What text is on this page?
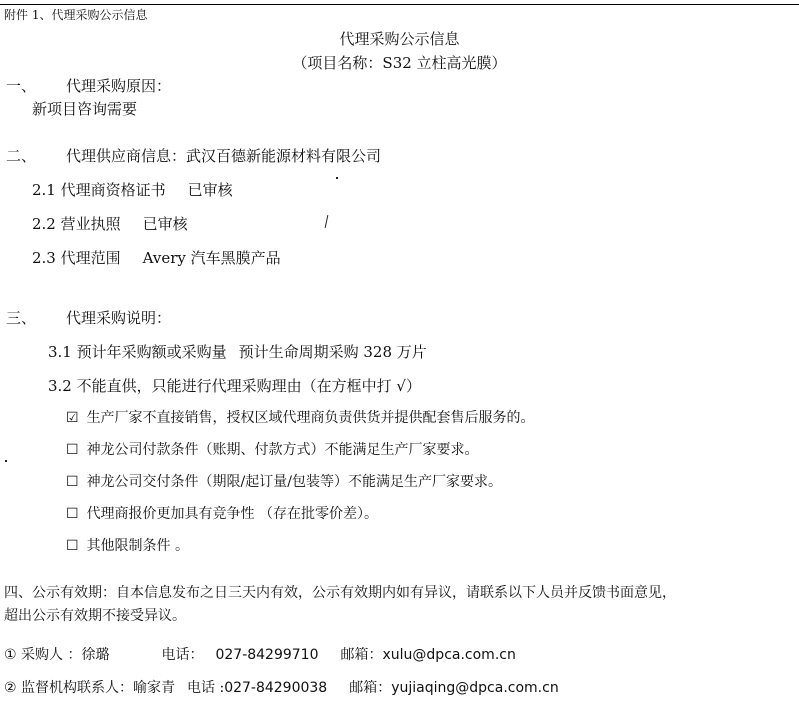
附件 1、代理采购公示信息
代理采购公示信息
（项目名称：S32 立柱高光膜）
一、 代理采购原因：
新项目咨询需要
二、 代理供应商信息：武汉百德新能源材料有限公司
2.1 代理商资格证书 已审核
2.2 营业执照 已审核
2.3 代理范围 Avery 汽车黑膜产品
三、 代理采购说明：
3.1 预计年采购额或采购量 预计生命周期采购 328 万片
3.2 不能直供，只能进行代理采购理由（在方框中打 √）
☑ 生产厂家不直接销售，授权区域代理商负责供货并提供配套售后服务的。
☐ 神龙公司付款条件（账期、付款方式）不能满足生产厂家要求。
☐ 神龙公司交付条件（期限/起订量/包装等）不能满足生产厂家要求。
☐ 代理商报价更加具有竞争性 （存在批零价差）。
☐ 其他限制条件 。
四、公示有效期：自本信息发布之日三天内有效，公示有效期内如有异议，请联系以下人员并反馈书面意见，
超出公示有效期不接受异议。
① 采购人 ：徐璐	电话： 027-84299710 邮箱：xulu@dpca.com.cn
② 监督机构联系人：喻家青 电话 :027-84290038 邮箱：yujiaqing@dpca.com.cn
